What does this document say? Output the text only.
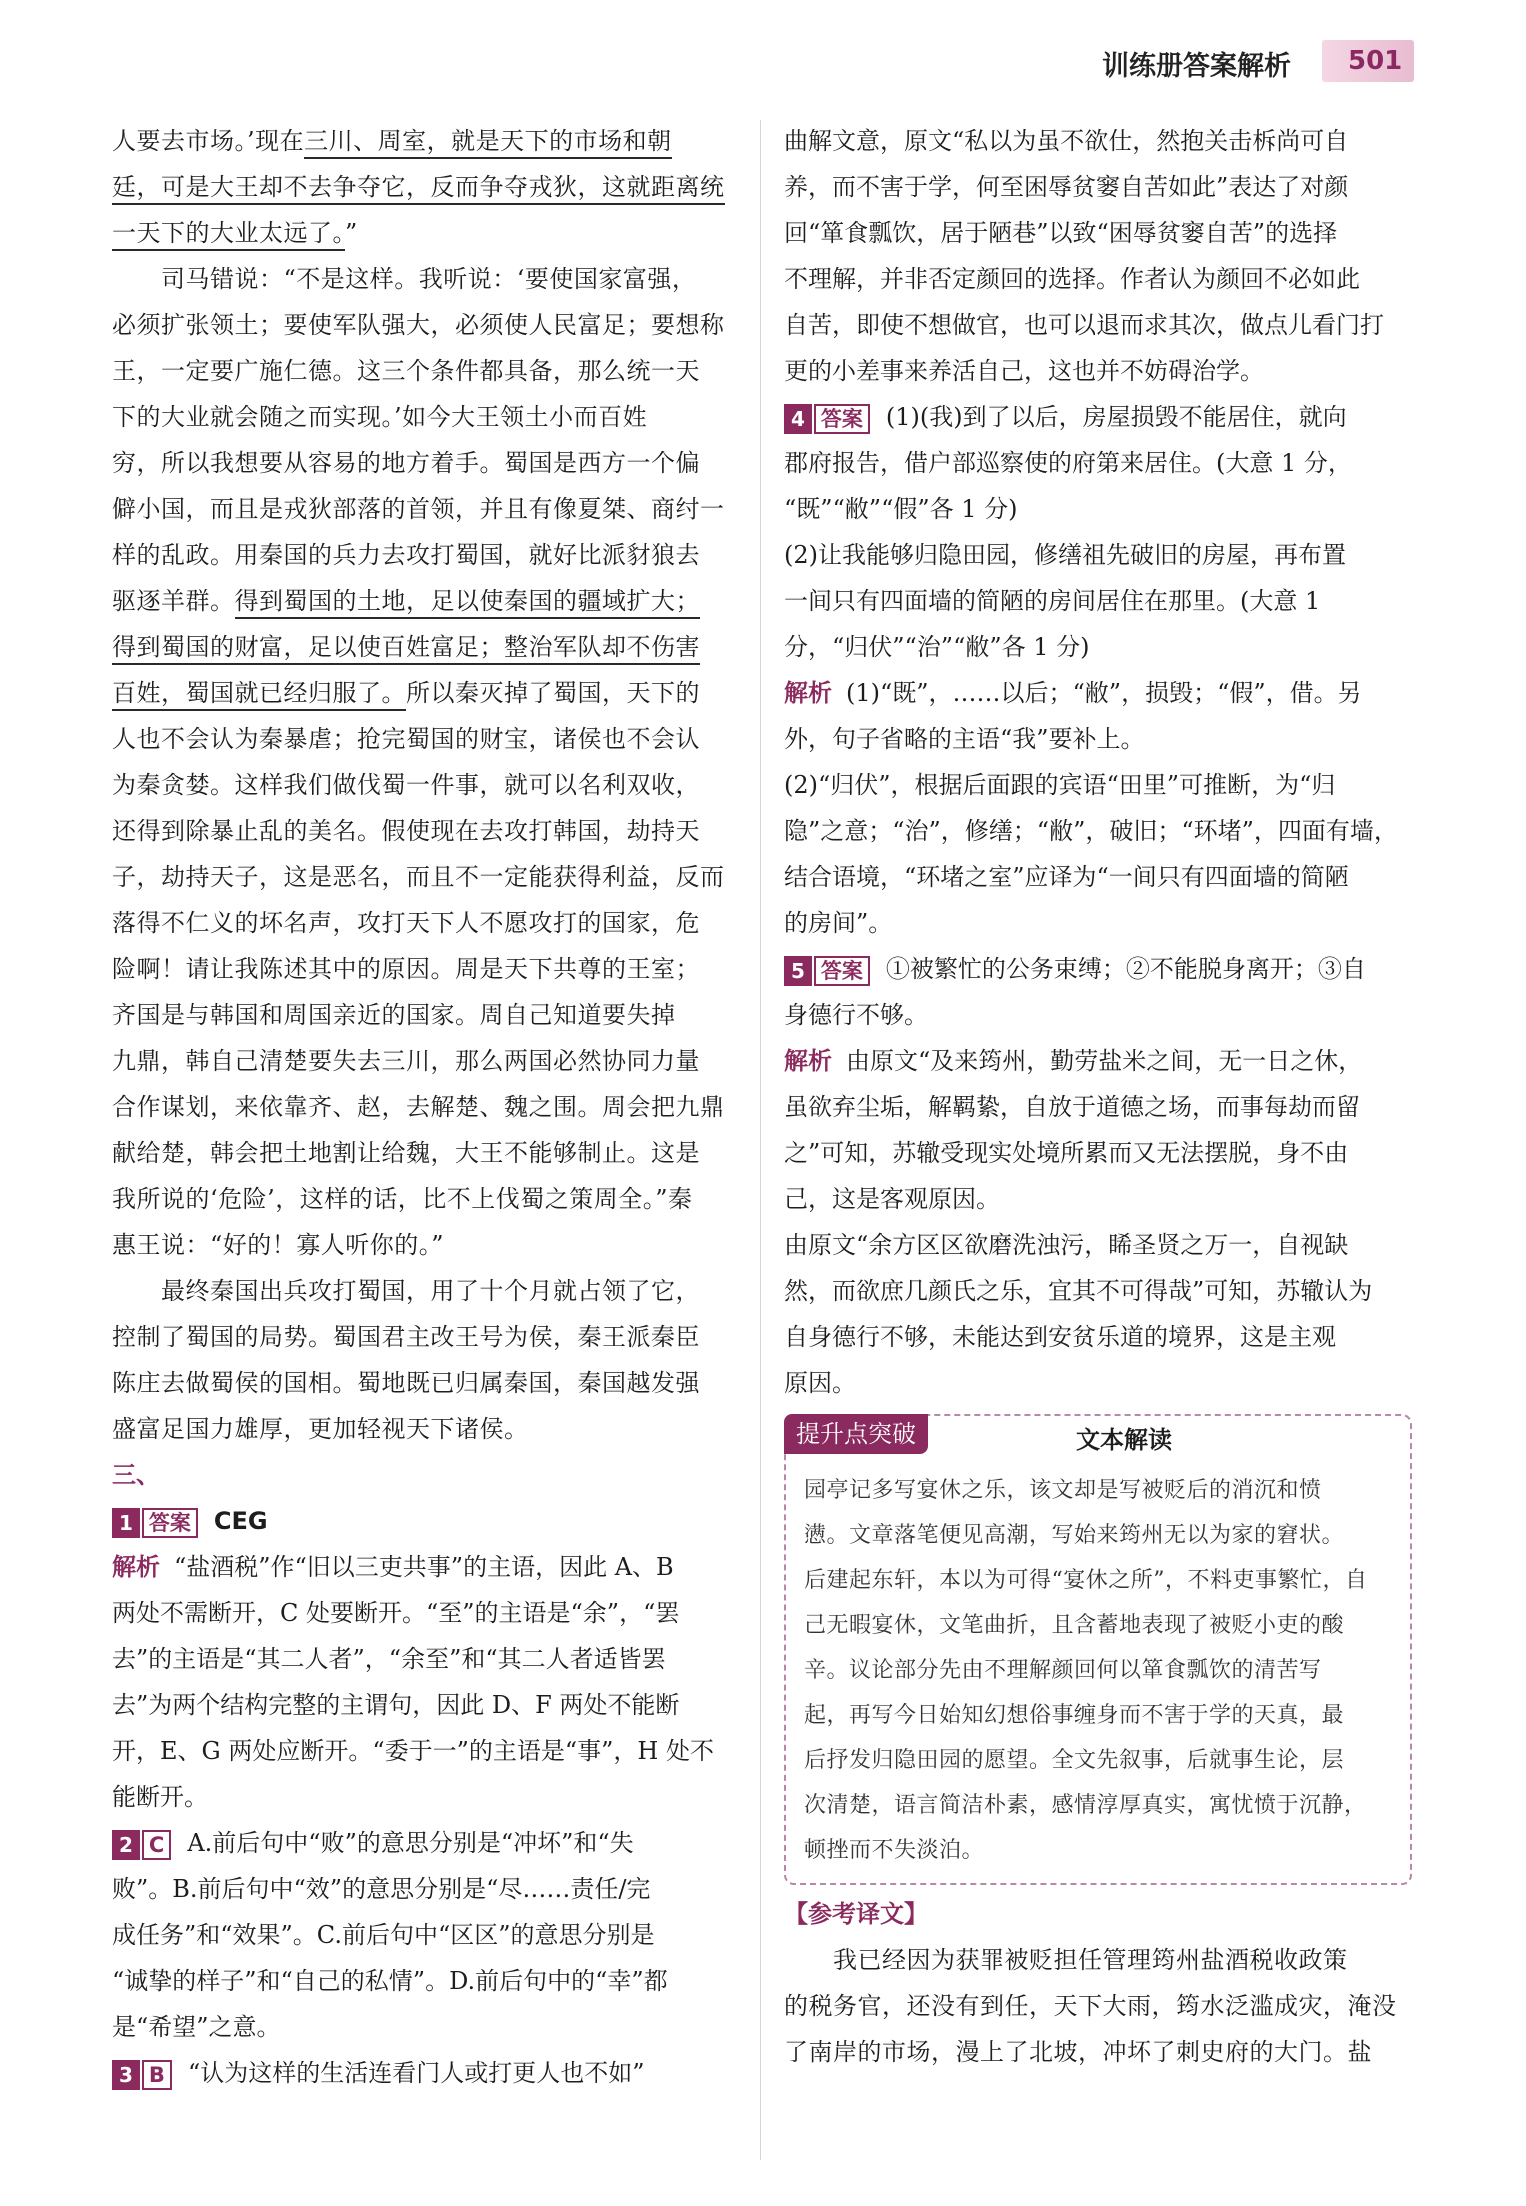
训练册答案解析 501
人要去市场。’现在三川、周室，就是天下的市场和朝
廷，可是大王却不去争夺它，反而争夺戎狄，这就距离统
一天下的大业太远了。”
　　司马错说：“不是这样。我听说：‘要使国家富强，
必须扩张领土；要使军队强大，必须使人民富足；要想称
王，一定要广施仁德。这三个条件都具备，那么统一天
下的大业就会随之而实现。’如今大王领土小而百姓
穷，所以我想要从容易的地方着手。蜀国是西方一个偏
僻小国，而且是戎狄部落的首领，并且有像夏桀、商纣一
样的乱政。用秦国的兵力去攻打蜀国，就好比派豺狼去
驱逐羊群。得到蜀国的土地，足以使秦国的疆域扩大；
得到蜀国的财富，足以使百姓富足；整治军队却不伤害
百姓，蜀国就已经归服了。所以秦灭掉了蜀国，天下的
人也不会认为秦暴虐；抢完蜀国的财宝，诸侯也不会认
为秦贪婪。这样我们做伐蜀一件事，就可以名利双收，
还得到除暴止乱的美名。假使现在去攻打韩国，劫持天
子，劫持天子，这是恶名，而且不一定能获得利益，反而
落得不仁义的坏名声，攻打天下人不愿攻打的国家，危
险啊！请让我陈述其中的原因。周是天下共尊的王室；
齐国是与韩国和周国亲近的国家。周自己知道要失掉
九鼎，韩自己清楚要失去三川，那么两国必然协同力量
合作谋划，来依靠齐、赵，去解楚、魏之围。周会把九鼎
献给楚，韩会把土地割让给魏，大王不能够制止。这是
我所说的‘危险’，这样的话，比不上伐蜀之策周全。”秦
惠王说：“好的！寡人听你的。”
　　最终秦国出兵攻打蜀国，用了十个月就占领了它，
控制了蜀国的局势。蜀国君主改王号为侯，秦王派秦臣
陈庄去做蜀侯的国相。蜀地既已归属秦国，秦国越发强
盛富足国力雄厚，更加轻视天下诸侯。
三、
1 答案 CEG
解析 “盐酒税”作“旧以三吏共事”的主语，因此 A、B
两处不需断开，C 处要断开。“至”的主语是“余”，“罢
去”的主语是“其二人者”，“余至”和“其二人者适皆罢
去”为两个结构完整的主谓句，因此 D、F 两处不能断
开，E、G 两处应断开。“委于一”的主语是“事”，H 处不
能断开。
2 C A.前后句中“败”的意思分别是“冲坏”和“失
败”。B.前后句中“效”的意思分别是“尽……责任/完
成任务”和“效果”。C.前后句中“区区”的意思分别是
“诚挚的样子”和“自己的私情”。D.前后句中的“幸”都
是“希望”之意。
3 B “认为这样的生活连看门人或打更人也不如”
曲解文意，原文“私以为虽不欲仕，然抱关击柝尚可自
养，而不害于学，何至困辱贫窭自苦如此”表达了对颜
回“箪食瓢饮，居于陋巷”以致“困辱贫窭自苦”的选择
不理解，并非否定颜回的选择。作者认为颜回不必如此
自苦，即使不想做官，也可以退而求其次，做点儿看门打
更的小差事来养活自己，这也并不妨碍治学。
4 答案 (1)(我)到了以后，房屋损毁不能居住，就向
郡府报告，借户部巡察使的府第来居住。(大意 1 分，
“既”“敝”“假”各 1 分)
(2)让我能够归隐田园，修缮祖先破旧的房屋，再布置
一间只有四面墙的简陋的房间居住在那里。(大意 1
分，“归伏”“治”“敝”各 1 分)
解析 (1)“既”，……以后；“敝”，损毁；“假”，借。另
外，句子省略的主语“我”要补上。
(2)“归伏”，根据后面跟的宾语“田里”可推断，为“归
隐”之意；“治”，修缮；“敝”，破旧；“环堵”，四面有墙，
结合语境，“环堵之室”应译为“一间只有四面墙的简陋
的房间”。
5 答案 ①被繁忙的公务束缚；②不能脱身离开；③自
身德行不够。
解析 由原文“及来筠州，勤劳盐米之间，无一日之休，
虽欲弃尘垢，解羁絷，自放于道德之场，而事每劫而留
之”可知，苏辙受现实处境所累而又无法摆脱，身不由
己，这是客观原因。
由原文“余方区区欲磨洗浊污，睎圣贤之万一，自视缺
然，而欲庶几颜氏之乐，宜其不可得哉”可知，苏辙认为
自身德行不够，未能达到安贫乐道的境界，这是主观
原因。
提升点突破	文本解读
园亭记多写宴休之乐，该文却是写被贬后的消沉和愤
懑。文章落笔便见高潮，写始来筠州无以为家的窘状。
后建起东轩，本以为可得“宴休之所”，不料吏事繁忙，自
己无暇宴休，文笔曲折，且含蓄地表现了被贬小吏的酸
辛。议论部分先由不理解颜回何以箪食瓢饮的清苦写
起，再写今日始知幻想俗事缠身而不害于学的天真，最
后抒发归隐田园的愿望。全文先叙事，后就事生论，层
次清楚，语言简洁朴素，感情淳厚真实，寓忧愤于沉静，
顿挫而不失淡泊。
【参考译文】
　　我已经因为获罪被贬担任管理筠州盐酒税收政策
的税务官，还没有到任，天下大雨，筠水泛滥成灾，淹没
了南岸的市场，漫上了北坡，冲坏了刺史府的大门。盐
